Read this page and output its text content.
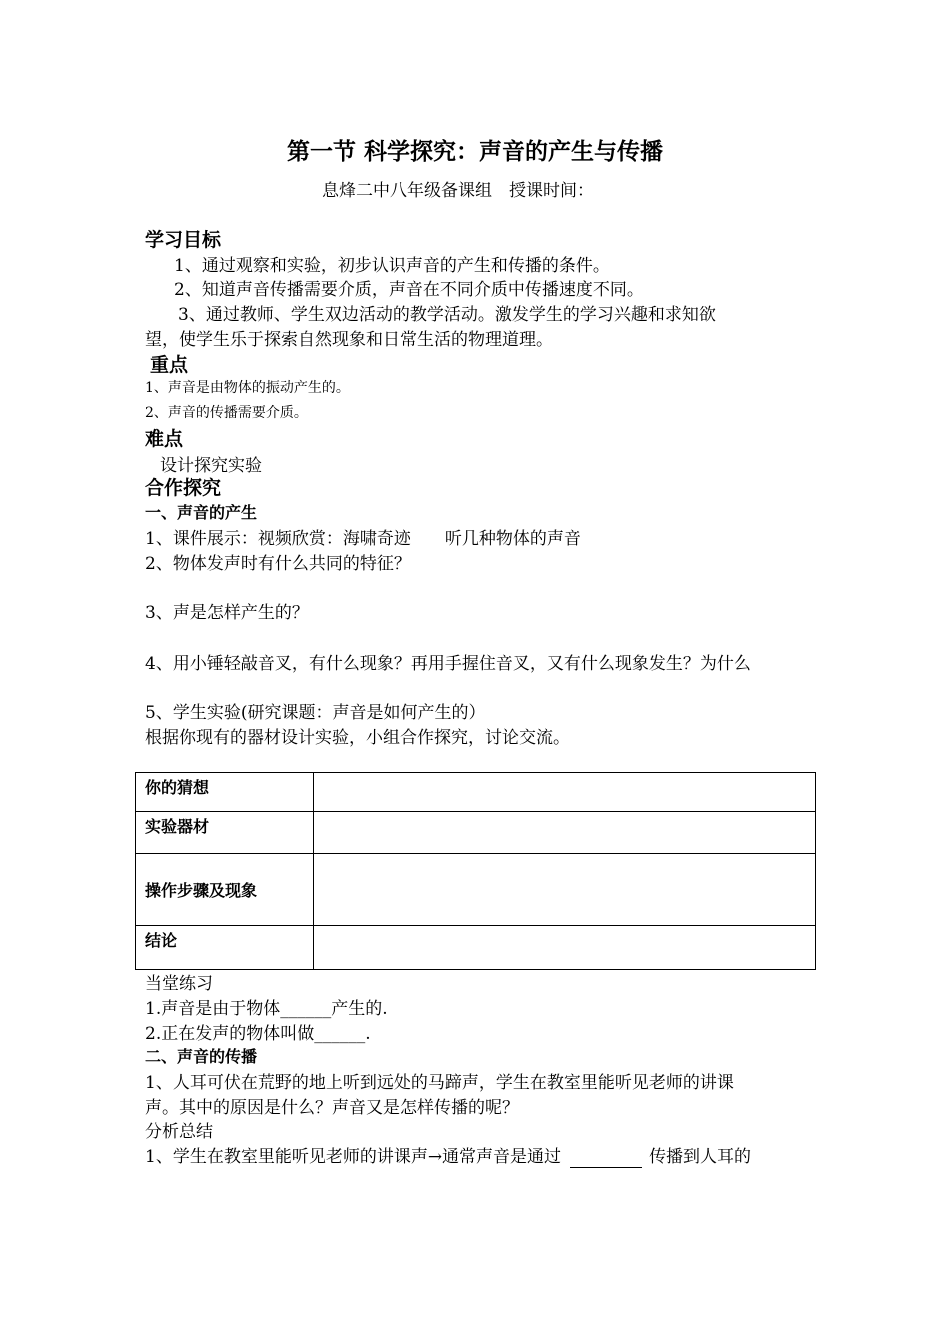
第一节 科学探究：声音的产生与传播
息烽二中八年级备课组　授课时间：
学习目标
1、通过观察和实验，初步认识声音的产生和传播的条件。
2、知道声音传播需要介质，声音在不同介质中传播速度不同。
3、通过教师、学生双边活动的教学活动。激发学生的学习兴趣和求知欲
望，使学生乐于探索自然现象和日常生活的物理道理。
重点
1、声音是由物体的振动产生的。
2、声音的传播需要介质。
难点
设计探究实验
合作探究
一、声音的产生
1、课件展示：视频欣赏：海啸奇迹　　听几种物体的声音
2、物体发声时有什么共同的特征？
3、声是怎样产生的？
4、用小锤轻敲音叉，有什么现象？再用手握住音叉，又有什么现象发生？为什么
5、学生实验(研究课题：声音是如何产生的）
根据你现有的器材设计实验，小组合作探究，讨论交流。
你的猜想	
实验器材	
操作步骤及现象	
结论	
当堂练习
1.声音是由于物体______产生的.
2.正在发声的物体叫做______.
二、声音的传播
1、人耳可伏在荒野的地上听到远处的马蹄声，学生在教室里能听见老师的讲课
声。其中的原因是什么？声音又是怎样传播的呢？
分析总结
1、学生在教室里能听见老师的讲课声→通常声音是通过	传播到人耳的
